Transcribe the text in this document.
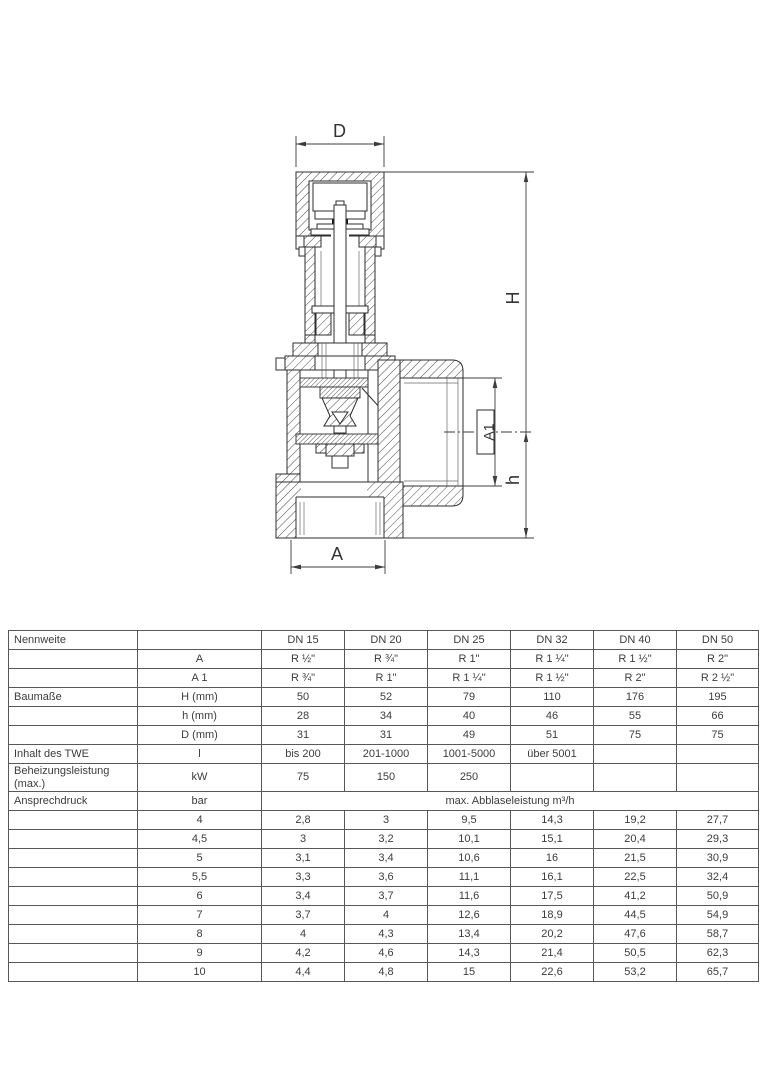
D
A1
H
h
A
Nennweite		DN 15	DN 20	DN 25	DN 32	DN 40	DN 50
	A	R ½"	R ¾"	R 1"	R 1 ¼"	R 1 ½"	R 2"
	A 1	R ¾"	R 1"	R 1 ¼"	R 1 ½"	R 2"	R 2 ½"
Baumaße	H (mm)	50	52	79	110	176	195
	h (mm)	28	34	40	46	55	66
	D (mm)	31	31	49	51	75	75
Inhalt des TWE	l	bis 200	201-1000	1001-5000	über 5001		

Beheizungsleistung
(max.)	kW	75	150	250			
Ansprechdruck	bar	max. Abblaseleistung m³/h					
	4	2,8	3	9,5	14,3	19,2	27,7
	4,5	3	3,2	10,1	15,1	20,4	29,3
	5	3,1	3,4	10,6	16	21,5	30,9
	5,5	3,3	3,6	11,1	16,1	22,5	32,4
	6	3,4	3,7	11,6	17,5	41,2	50,9
	7	3,7	4	12,6	18,9	44,5	54,9
	8	4	4,3	13,4	20,2	47,6	58,7
	9	4,2	4,6	14,3	21,4	50,5	62,3
	10	4,4	4,8	15	22,6	53,2	65,7
